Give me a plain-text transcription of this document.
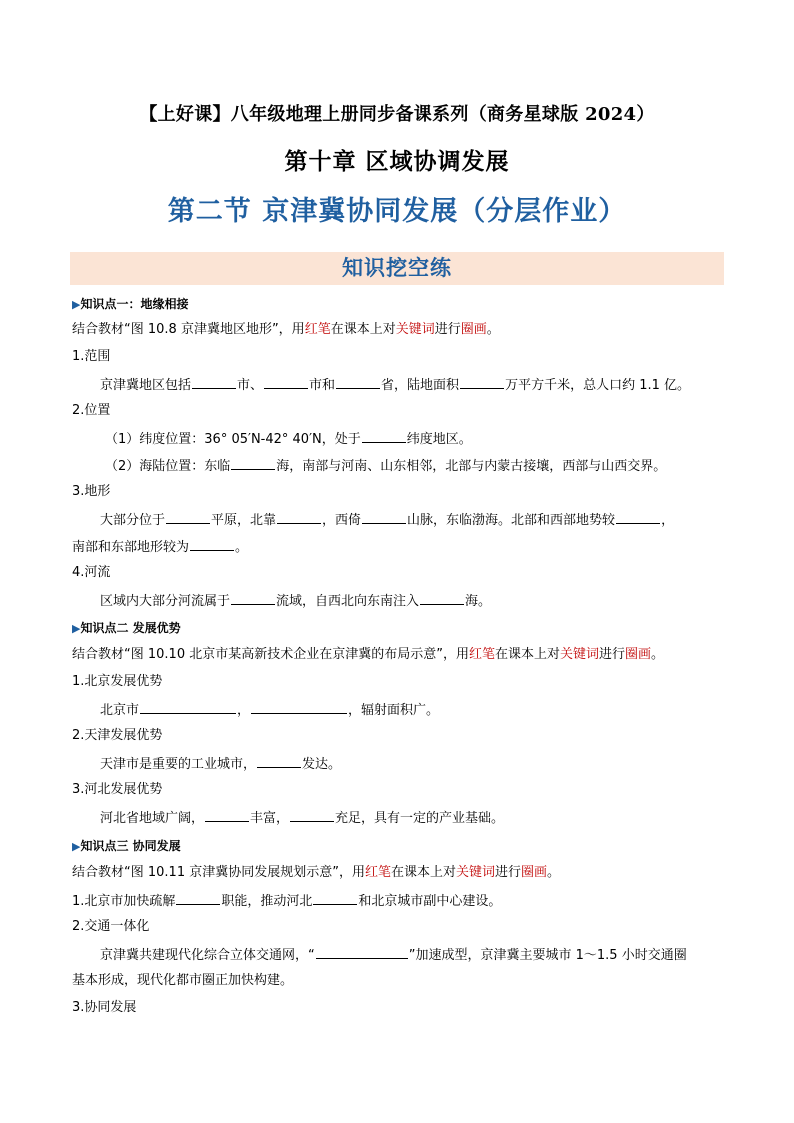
【上好课】八年级地理上册同步备课系列（商务星球版 2024）
第十章 区域协调发展
第二节 京津冀协同发展（分层作业）
知识挖空练
▶知识点一：地缘相接
结合教材“图 10.8 京津冀地区地形”，用红笔在课本上对关键词进行圈画。
1.范围
京津冀地区包括	市、	市和	省，陆地面积	万平方千米，总人口约 1.1 亿。
2.位置
（1）纬度位置：36° 05′N-42° 40′N，处于	纬度地区。
（2）海陆位置：东临	海，南部与河南、山东相邻，北部与内蒙古接壤，西部与山西交界。
3.地形
大部分位于	平原，北靠	，西倚	山脉，东临渤海。北部和西部地势较	，
南部和东部地形较为	。
4.河流
区域内大部分河流属于	流域，自西北向东南注入	海。
▶知识点二 发展优势
结合教材“图 10.10 北京市某高新技术企业在京津冀的布局示意”，用红笔在课本上对关键词进行圈画。
1.北京发展优势
北京市	，	，辐射面积广。
2.天津发展优势
天津市是重要的工业城市，	发达。
3.河北发展优势
河北省地域广阔，	丰富，	充足，具有一定的产业基础。
▶知识点三 协同发展
结合教材“图 10.11 京津冀协同发展规划示意”，用红笔在课本上对关键词进行圈画。
1.北京市加快疏解	职能，推动河北	和北京城市副中心建设。
2.交通一体化
京津冀共建现代化综合立体交通网，“	”加速成型，京津冀主要城市 1～1.5 小时交通圈
基本形成，现代化都市圈正加快构建。
3.协同发展
